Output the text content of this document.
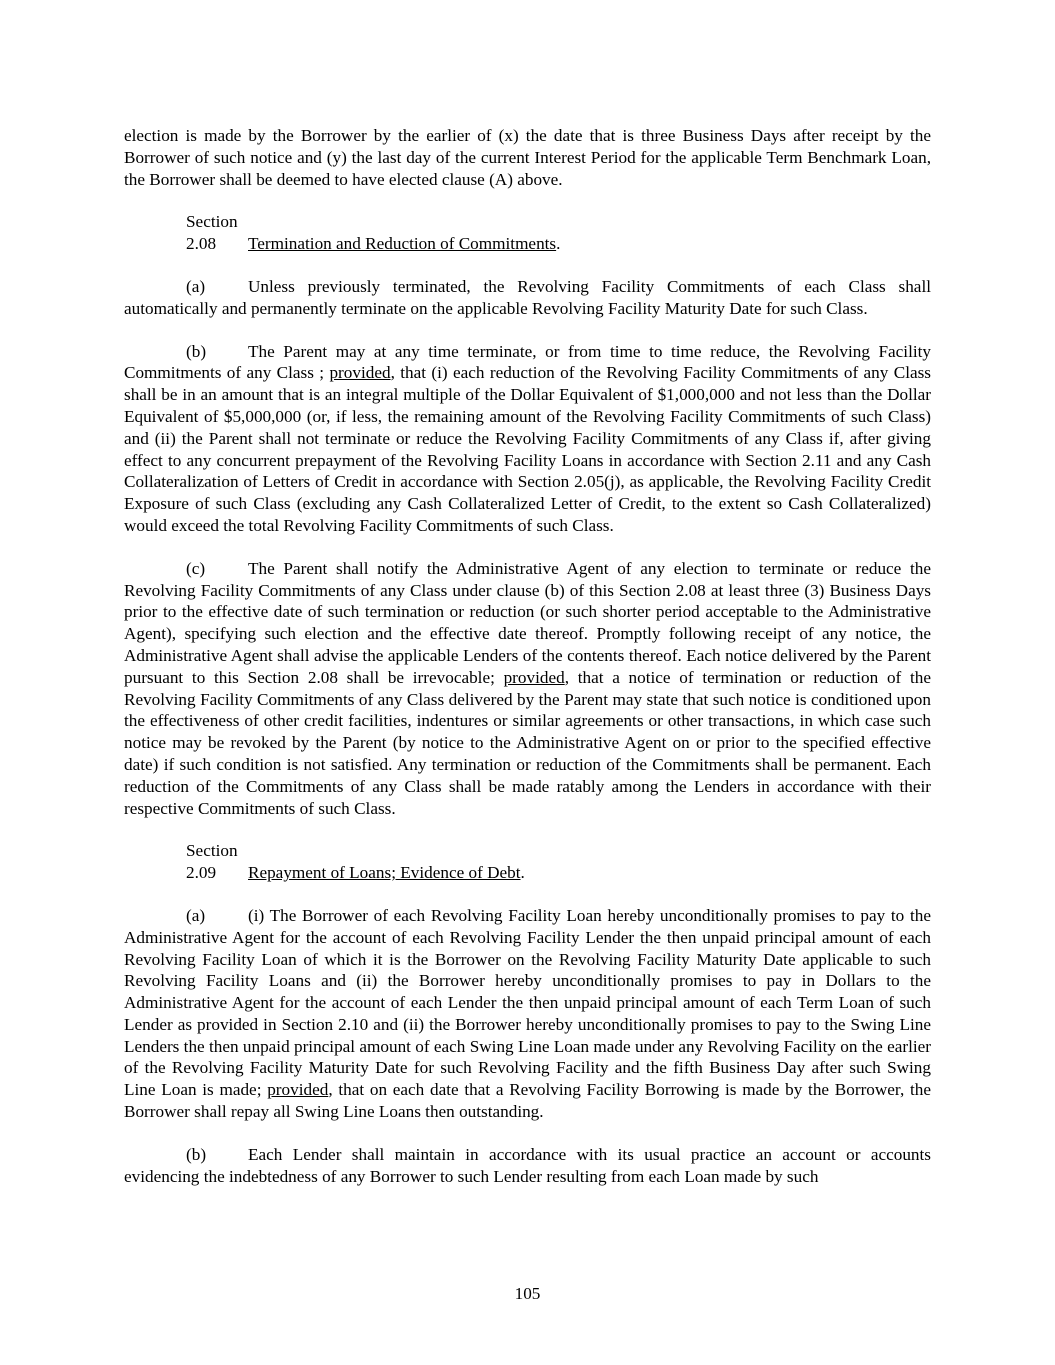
election is made by the Borrower by the earlier of (x) the date that is three Business Days after receipt by the Borrower of such notice and (y) the last day of the current Interest Period for the applicable Term Benchmark Loan, the Borrower shall be deemed to have elected clause (A) above.

Section 2.08 Termination and Reduction of Commitments.

(a) Unless previously terminated, the Revolving Facility Commitments of each Class shall automatically and permanently terminate on the applicable Revolving Facility Maturity Date for such Class.

(b) The Parent may at any time terminate, or from time to time reduce, the Revolving Facility Commitments of any Class ; provided, that (i) each reduction of the Revolving Facility Commitments of any Class shall be in an amount that is an integral multiple of the Dollar Equivalent of $1,000,000 and not less than the Dollar Equivalent of $5,000,000 (or, if less, the remaining amount of the Revolving Facility Commitments of such Class) and (ii) the Parent shall not terminate or reduce the Revolving Facility Commitments of any Class if, after giving effect to any concurrent prepayment of the Revolving Facility Loans in accordance with Section 2.11 and any Cash Collateralization of Letters of Credit in accordance with Section 2.05(j), as applicable, the Revolving Facility Credit Exposure of such Class (excluding any Cash Collateralized Letter of Credit, to the extent so Cash Collateralized) would exceed the total Revolving Facility Commitments of such Class.

(c) The Parent shall notify the Administrative Agent of any election to terminate or reduce the Revolving Facility Commitments of any Class under clause (b) of this Section 2.08 at least three (3) Business Days prior to the effective date of such termination or reduction (or such shorter period acceptable to the Administrative Agent), specifying such election and the effective date thereof. Promptly following receipt of any notice, the Administrative Agent shall advise the applicable Lenders of the contents thereof. Each notice delivered by the Parent pursuant to this Section 2.08 shall be irrevocable; provided, that a notice of termination or reduction of the Revolving Facility Commitments of any Class delivered by the Parent may state that such notice is conditioned upon the effectiveness of other credit facilities, indentures or similar agreements or other transactions, in which case such notice may be revoked by the Parent (by notice to the Administrative Agent on or prior to the specified effective date) if such condition is not satisfied. Any termination or reduction of the Commitments shall be permanent. Each reduction of the Commitments of any Class shall be made ratably among the Lenders in accordance with their respective Commitments of such Class.

Section 2.09 Repayment of Loans; Evidence of Debt.

(a) (i) The Borrower of each Revolving Facility Loan hereby unconditionally promises to pay to the Administrative Agent for the account of each Revolving Facility Lender the then unpaid principal amount of each Revolving Facility Loan of which it is the Borrower on the Revolving Facility Maturity Date applicable to such Revolving Facility Loans and (ii) the Borrower hereby unconditionally promises to pay in Dollars to the Administrative Agent for the account of each Lender the then unpaid principal amount of each Term Loan of such Lender as provided in Section 2.10 and (ii) the Borrower hereby unconditionally promises to pay to the Swing Line Lenders the then unpaid principal amount of each Swing Line Loan made under any Revolving Facility on the earlier of the Revolving Facility Maturity Date for such Revolving Facility and the fifth Business Day after such Swing Line Loan is made; provided, that on each date that a Revolving Facility Borrowing is made by the Borrower, the Borrower shall repay all Swing Line Loans then outstanding.

(b) Each Lender shall maintain in accordance with its usual practice an account or accounts evidencing the indebtedness of any Borrower to such Lender resulting from each Loan made by such

105
